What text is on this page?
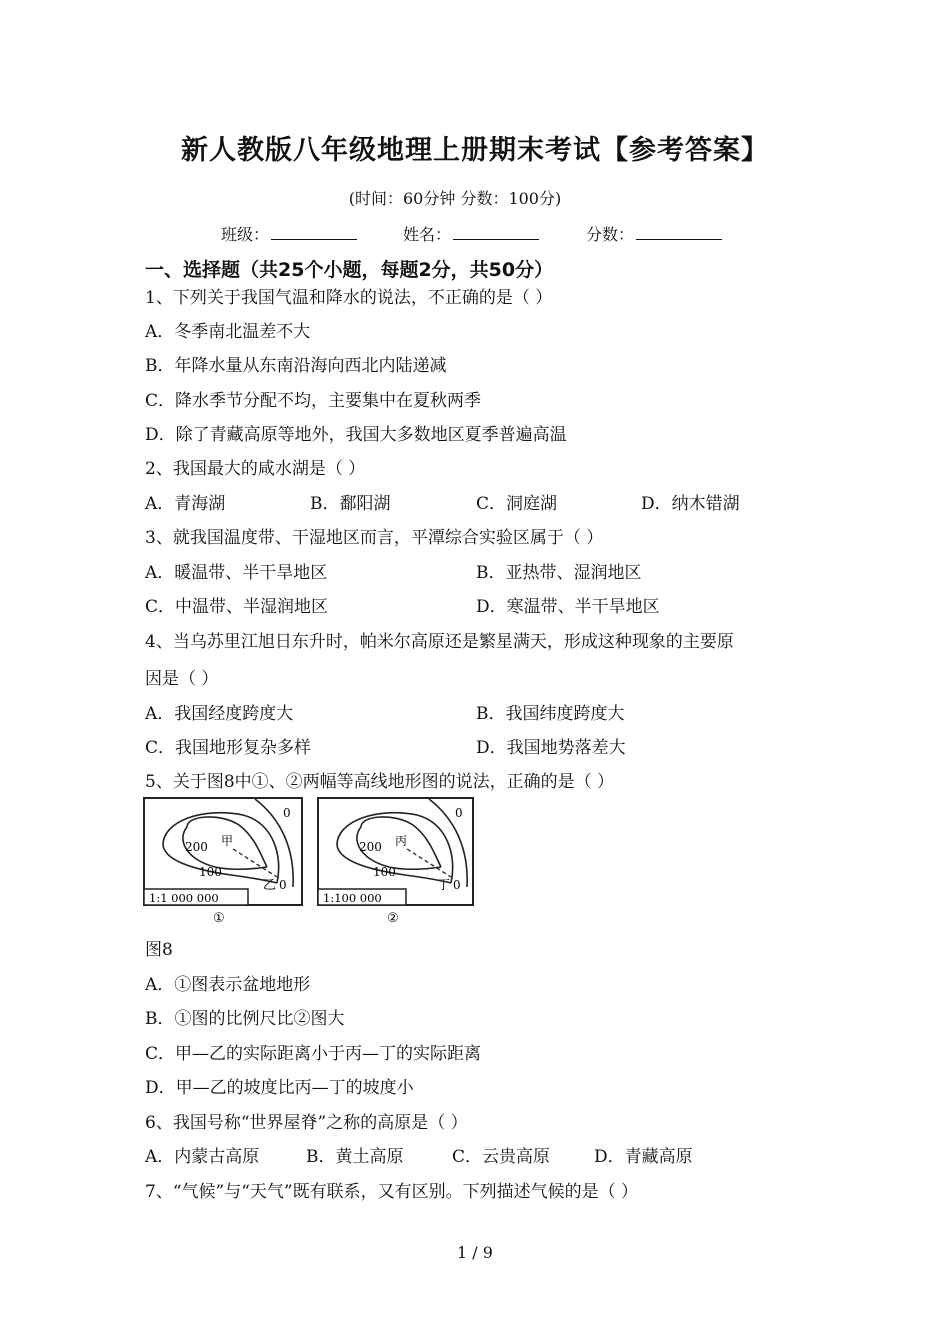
新人教版八年级地理上册期末考试【参考答案】
(时间：60分钟 分数：100分)
班级：	姓名：	分数：
一、选择题（共25个小题，每题2分，共50分）
1、下列关于我国气温和降水的说法，不正确的是（ ）
A．冬季南北温差不大
B．年降水量从东南沿海向西北内陆递减
C．降水季节分配不均，主要集中在夏秋两季
D．除了青藏高原等地外，我国大多数地区夏季普遍高温
2、我国最大的咸水湖是（ ）
A．青海湖	B．鄱阳湖	C．洞庭湖	D．纳木错湖
3、就我国温度带、干湿地区而言，平潭综合实验区属于（ ）
A．暖温带、半干旱地区	B．亚热带、湿润地区
C．中温带、半湿润地区	D．寒温带、半干旱地区
4、当乌苏里江旭日东升时，帕米尔高原还是繁星满天，形成这种现象的主要原
因是（ ）
A．我国经度跨度大	B．我国纬度跨度大
C．我国地形复杂多样	D．我国地势落差大
5、关于图8中①、②两幅等高线地形图的说法，正确的是（ ）
0
200
100
甲
乙 0
1:1 000 000
①
0
200
100
丙
丁 0
1:100 000
②
图8
A．①图表示盆地地形
B．①图的比例尺比②图大
C．甲—乙的实际距离小于丙—丁的实际距离
D．甲—乙的坡度比丙—丁的坡度小
6、我国号称“世界屋脊”之称的高原是（ ）
A．内蒙古高原	B．黄土高原	C．云贵高原	D．青藏高原
7、“气候”与“天气”既有联系，又有区别。下列描述气候的是（ ）
1 / 9
